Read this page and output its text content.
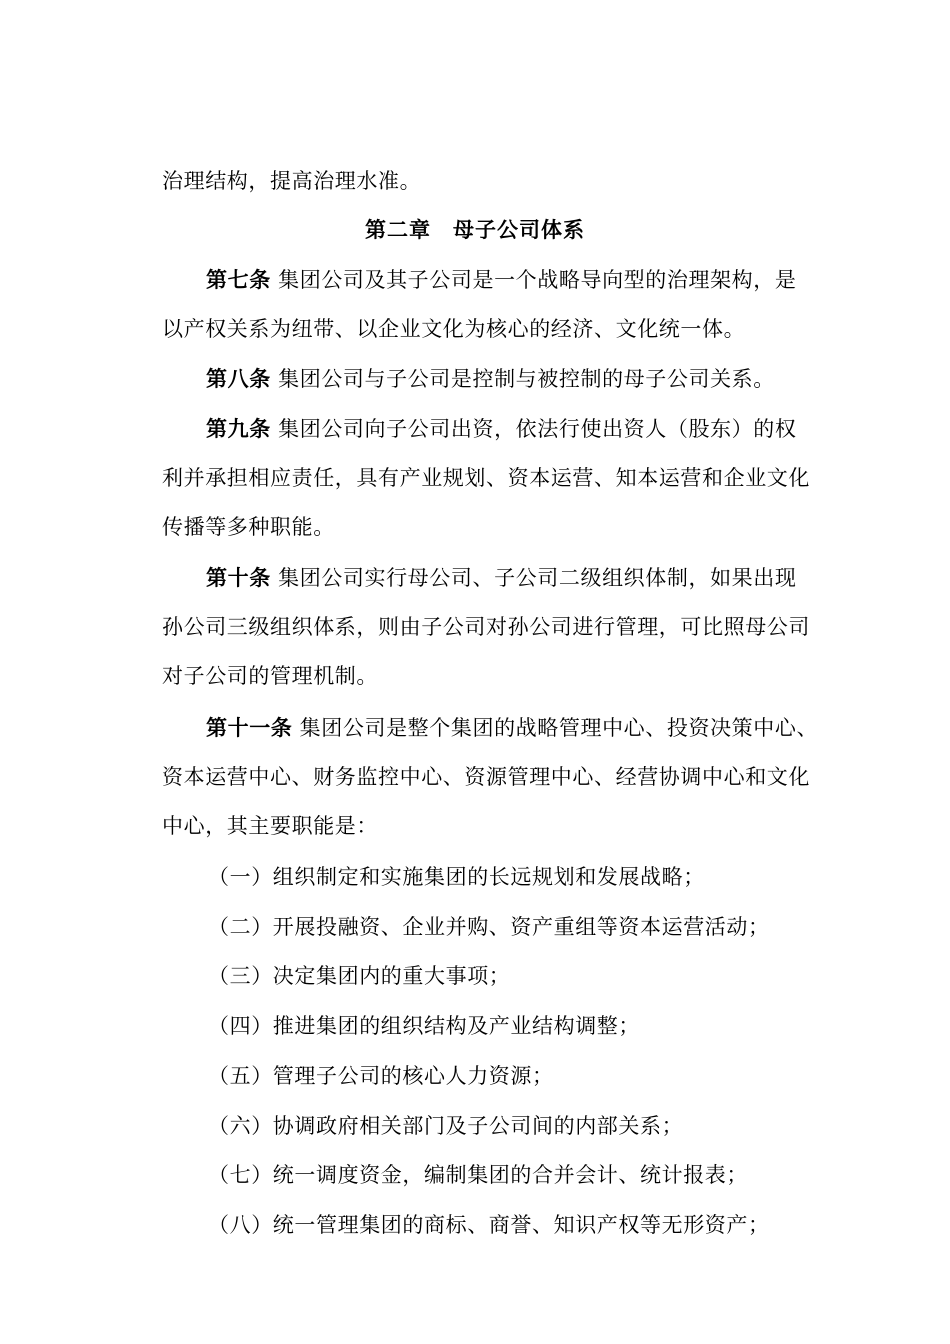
治理结构，提高治理水准。
第二章　母子公司体系
第七条 集团公司及其子公司是一个战略导向型的治理架构，是
以产权关系为纽带、以企业文化为核心的经济、文化统一体。
第八条 集团公司与子公司是控制与被控制的母子公司关系。
第九条 集团公司向子公司出资，依法行使出资人（股东）的权
利并承担相应责任，具有产业规划、资本运营、知本运营和企业文化
传播等多种职能。
第十条 集团公司实行母公司、子公司二级组织体制，如果出现
孙公司三级组织体系，则由子公司对孙公司进行管理，可比照母公司
对子公司的管理机制。
第十一条 集团公司是整个集团的战略管理中心、投资决策中心、
资本运营中心、财务监控中心、资源管理中心、经营协调中心和文化
中心，其主要职能是：
（一）组织制定和实施集团的长远规划和发展战略；
（二）开展投融资、企业并购、资产重组等资本运营活动；
（三）决定集团内的重大事项；
（四）推进集团的组织结构及产业结构调整；
（五）管理子公司的核心人力资源；
（六）协调政府相关部门及子公司间的内部关系；
（七）统一调度资金，编制集团的合并会计、统计报表；
（八）统一管理集团的商标、商誉、知识产权等无形资产；
